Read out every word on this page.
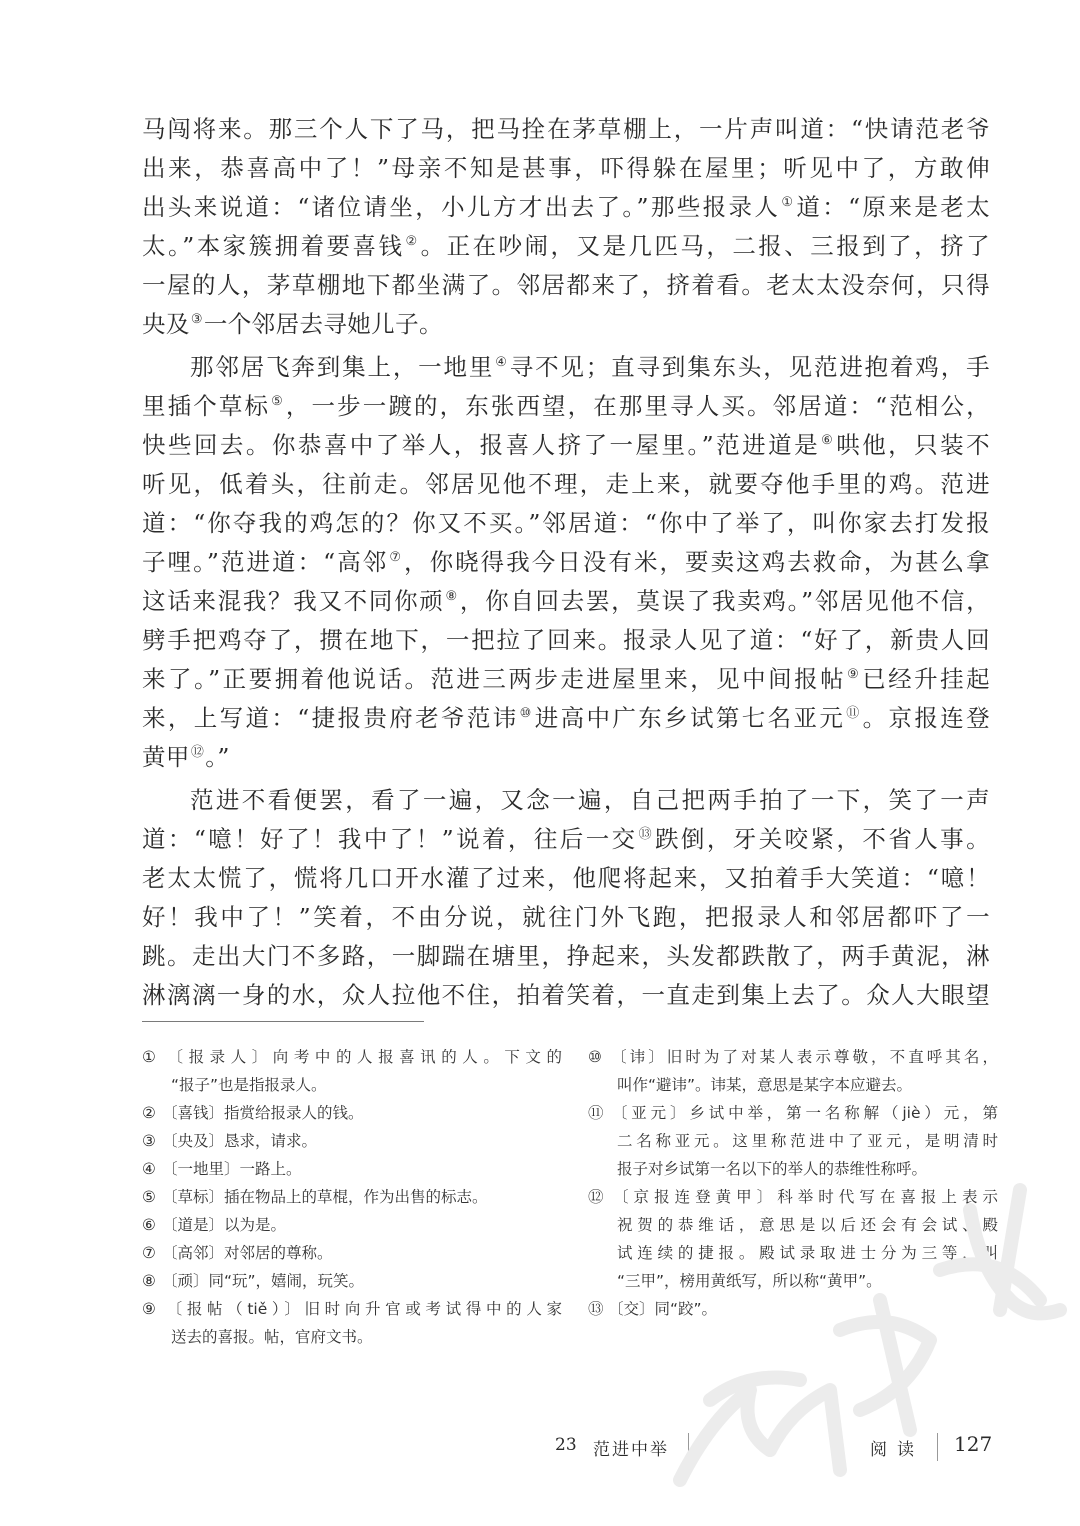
马闯将来。那三个人下了马，把马拴在茅草棚上，一片声叫道：“快请范老爷
出来，恭喜高中了！”母亲不知是甚事，吓得躲在屋里；听见中了，方敢伸
出头来说道：“诸位请坐，小儿方才出去了。”那些报录人①道：“原来是老太
太。”本家簇拥着要喜钱②。正在吵闹，又是几匹马，二报、三报到了，挤了
一屋的人，茅草棚地下都坐满了。邻居都来了，挤着看。老太太没奈何，只得
央及③一个邻居去寻她儿子。
那邻居飞奔到集上，一地里④寻不见；直寻到集东头，见范进抱着鸡，手
里插个草标⑤，一步一踱的，东张西望，在那里寻人买。邻居道：“范相公，
快些回去。你恭喜中了举人，报喜人挤了一屋里。”范进道是⑥哄他，只装不
听见，低着头，往前走。邻居见他不理，走上来，就要夺他手里的鸡。范进
道：“你夺我的鸡怎的？你又不买。”邻居道：“你中了举了，叫你家去打发报
子哩。”范进道：“高邻⑦，你晓得我今日没有米，要卖这鸡去救命，为甚么拿
这话来混我？我又不同你顽⑧，你自回去罢，莫误了我卖鸡。”邻居见他不信，
劈手把鸡夺了，掼在地下，一把拉了回来。报录人见了道：“好了，新贵人回
来了。”正要拥着他说话。范进三两步走进屋里来，见中间报帖⑨已经升挂起
来，上写道：“捷报贵府老爷范讳⑩进高中广东乡试第七名亚元⑪。京报连登
黄甲⑫。”
范进不看便罢，看了一遍，又念一遍，自己把两手拍了一下，笑了一声
道：“噫！好了！我中了！”说着，往后一交⑬跌倒，牙关咬紧，不省人事。
老太太慌了，慌将几口开水灌了过来，他爬将起来，又拍着手大笑道：“噫！
好！我中了！”笑着，不由分说，就往门外飞跑，把报录人和邻居都吓了一
跳。走出大门不多路，一脚踹在塘里，挣起来，头发都跌散了，两手黄泥，淋
淋漓漓一身的水，众人拉他不住，拍着笑着，一直走到集上去了。众人大眼望
① 〔报录人〕向考中的人报喜讯的人。下文的
“报子”也是指报录人。
② 〔喜钱〕指赏给报录人的钱。
③ 〔央及〕恳求，请求。
④ 〔一地里〕一路上。
⑤ 〔草标〕插在物品上的草棍，作为出售的标志。
⑥ 〔道是〕以为是。
⑦ 〔高邻〕对邻居的尊称。
⑧ 〔顽〕同“玩”，嬉闹，玩笑。
⑨ 〔报帖（tiě）〕旧时向升官或考试得中的人家
送去的喜报。帖，官府文书。
⑩ 〔讳〕旧时为了对某人表示尊敬，不直呼其名，
叫作“避讳”。讳某，意思是某字本应避去。
⑪ 〔亚元〕乡试中举，第一名称解（jiè）元，第
二名称亚元。这里称范进中了亚元，是明清时
报子对乡试第一名以下的举人的恭维性称呼。
⑫ 〔京报连登黄甲〕科举时代写在喜报上表示
祝贺的恭维话，意思是以后还会有会试、殿
试连续的捷报。殿试录取进士分为三等，叫
“三甲”，榜用黄纸写，所以称“黄甲”。
⑬ 〔交〕同“跤”。
23 范进中举	阅读 127
